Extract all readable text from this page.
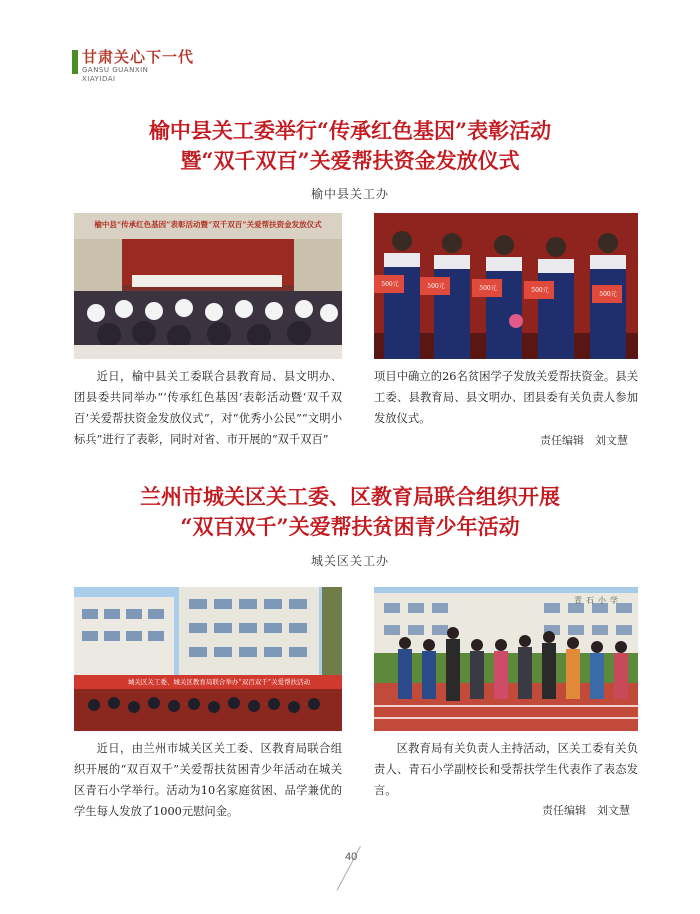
甘肃关心下一代
GANSU GUANXIN
XIAYIDAI
榆中县关工委举行“传承红色基因”表彰活动
暨“双千双百”关爱帮扶资金发放仪式
榆中县关工办
榆中县“传承红色基因”表彰活动暨“双千双百”关爱帮扶资金发放仪式
500元	500元	500元	500元
500元
近日，榆中县关工委联合县教育局、县文明办、团县委共同举办“‘传承红色基因’表彰活动暨‘双千双百’关爱帮扶资金发放仪式”，对“优秀小公民”“文明小标兵”进行了表彰，同时对省、市开展的“双千双百”
项目中确立的26名贫困学子发放关爱帮扶资金。县关工委、县教育局、县文明办、团县委有关负责人参加发放仪式。
责任编辑　刘文慧
兰州市城关区关工委、区教育局联合组织开展
“双百双千”关爱帮扶贫困青少年活动
城关区关工办
城关区关工委、城关区教育局联合举办“双百双千”关爱帮扶活动
青石小学
近日，由兰州市城关区关工委、区教育局联合组织开展的“双百双千”关爱帮扶贫困青少年活动在城关区青石小学举行。活动为10名家庭贫困、品学兼优的学生每人发放了1000元慰问金。
区教育局有关负责人主持活动，区关工委有关负责人、青石小学副校长和受帮扶学生代表作了表态发言。
责任编辑　刘文慧
40
